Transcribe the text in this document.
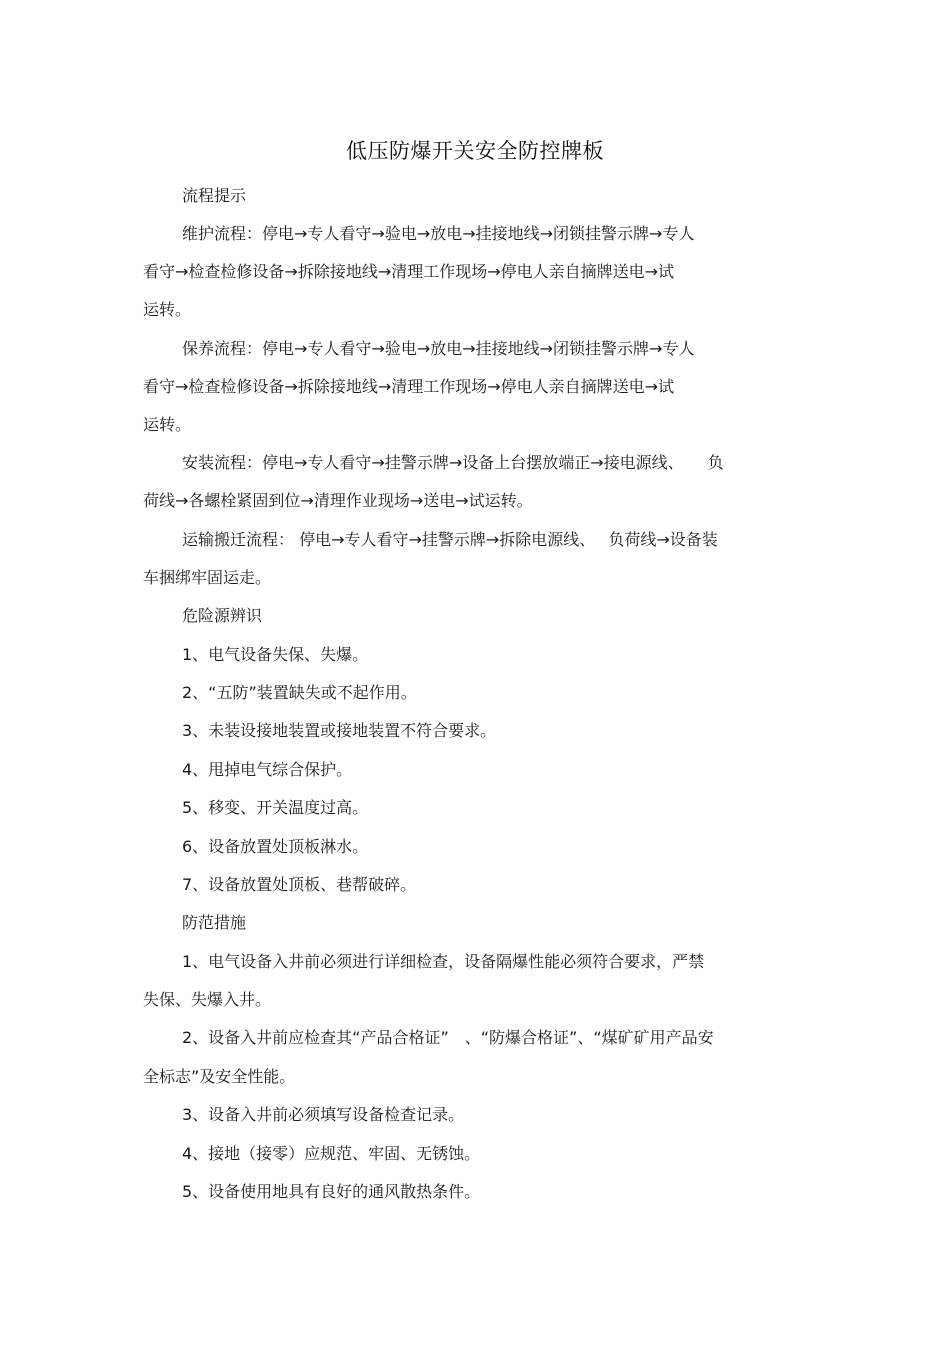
低压防爆开关安全防控牌板
流程提示
维护流程：停电→专人看守→验电→放电→挂接地线→闭锁挂警示牌→专人
看守→检查检修设备→拆除接地线→清理工作现场→停电人亲自摘牌送电→试
运转。
保养流程：停电→专人看守→验电→放电→挂接地线→闭锁挂警示牌→专人
看守→检查检修设备→拆除接地线→清理工作现场→停电人亲自摘牌送电→试
运转。
安装流程：停电→专人看守→挂警示牌→设备上台摆放端正→接电源线、　　负
荷线→各螺栓紧固到位→清理作业现场→送电→试运转。
运输搬迁流程： 停电→专人看守→挂警示牌→拆除电源线、　 负荷线→设备装
车捆绑牢固运走。
危险源辨识
1、电气设备失保、失爆。
2、“五防”装置缺失或不起作用。
3、未装设接地装置或接地装置不符合要求。
4、甩掉电气综合保护。
5、移变、开关温度过高。
6、设备放置处顶板淋水。
7、设备放置处顶板、巷帮破碎。
防范措施
1、电气设备入井前必须进行详细检查，设备隔爆性能必须符合要求，严禁
失保、失爆入井。
2、设备入井前应检查其“产品合格证”　、“防爆合格证”、“煤矿矿用产品安
全标志”及安全性能。
3、设备入井前必须填写设备检查记录。
4、接地（接零）应规范、牢固、无锈蚀。
5、设备使用地具有良好的通风散热条件。
